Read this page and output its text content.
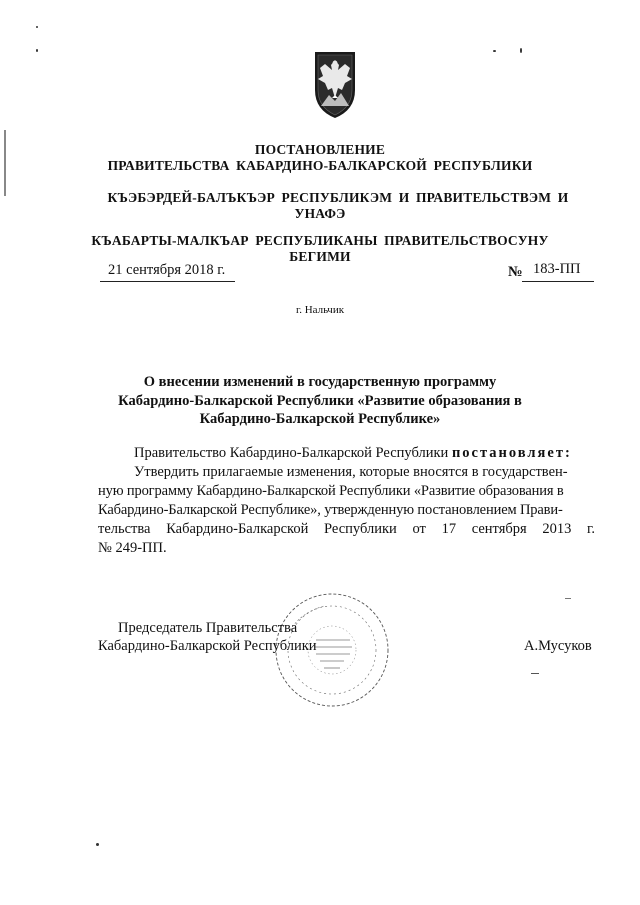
ПОСТАНОВЛЕНИЕ
ПРАВИТЕЛЬСТВА КАБАРДИНО-БАЛКАРСКОЙ РЕСПУБЛИКИ
КЪЭБЭРДЕЙ-БАЛЪКЪЭР РЕСПУБЛИКЭМ И ПРАВИТЕЛЬСТВЭМ И
УНАФЭ
КЪАБАРТЫ-МАЛКЪАР РЕСПУБЛИКАНЫ ПРАВИТЕЛЬСТВОСУНУ
БЕГИМИ
21 сентября 2018 г.	№ 183-ПП
г. Нальчик
О внесении изменений в государственную программу
Кабардино-Балкарской Республики «Развитие образования в
Кабардино-Балкарской Республике»
Правительство Кабардино-Балкарской Республики постановляет:
Утвердить прилагаемые изменения, которые вносятся в государствен-
ную программу Кабардино-Балкарской Республики «Развитие образования в
Кабардино-Балкарской Республике», утвержденную постановлением Прави-
тельства Кабардино-Балкарской Республики от 17 сентября 2013 г.
№ 249-ПП.
Председатель Правительства
Кабардино-Балкарской Республики	А.Мусуков
